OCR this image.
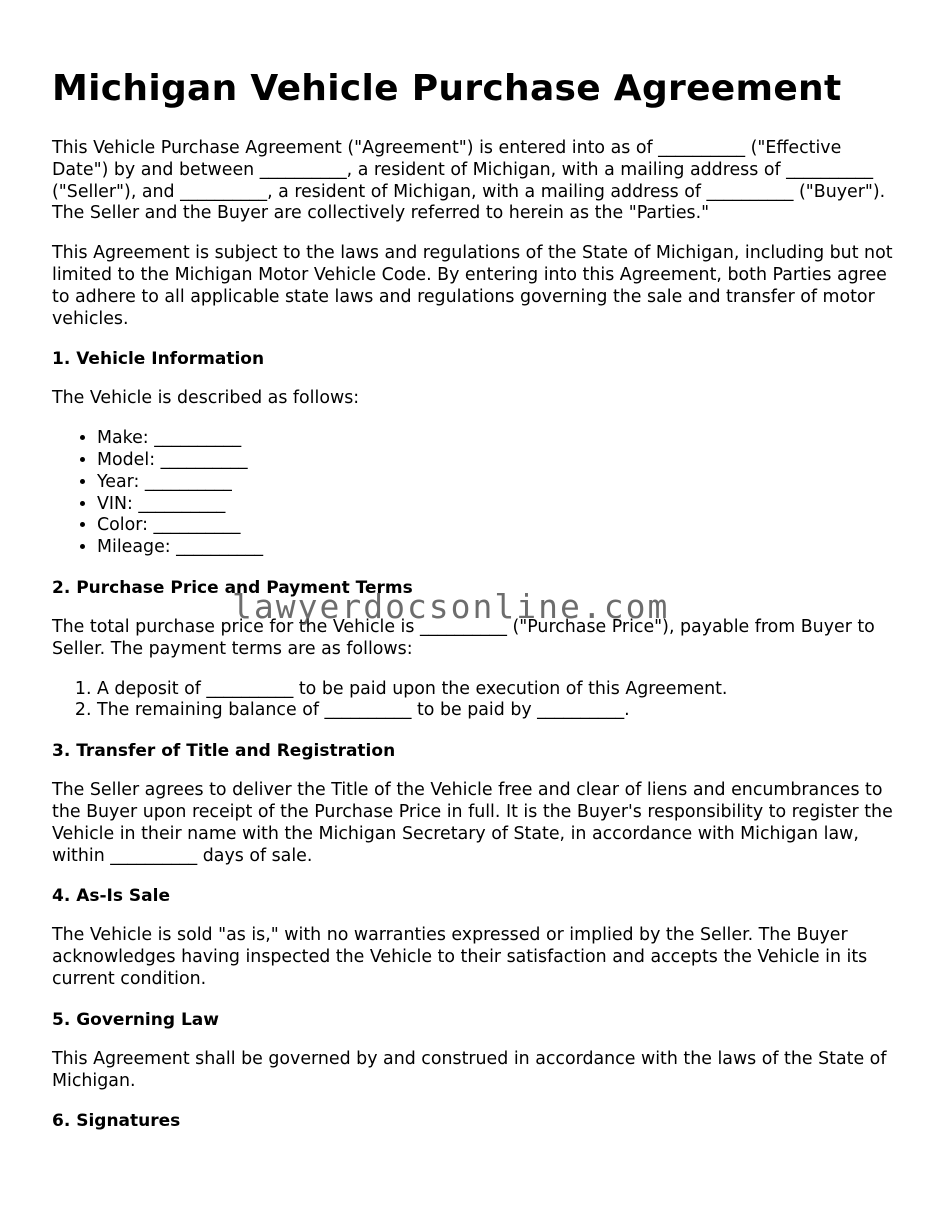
Michigan Vehicle Purchase Agreement

This Vehicle Purchase Agreement ("Agreement") is entered into as of __________ ("Effective Date") by and between __________, a resident of Michigan, with a mailing address of __________ ("Seller"), and __________, a resident of Michigan, with a mailing address of __________ ("Buyer"). The Seller and the Buyer are collectively referred to herein as the "Parties."

This Agreement is subject to the laws and regulations of the State of Michigan, including but not limited to the Michigan Motor Vehicle Code. By entering into this Agreement, both Parties agree to adhere to all applicable state laws and regulations governing the sale and transfer of motor vehicles.

1. Vehicle Information

The Vehicle is described as follows:

• Make: __________
• Model: __________
• Year: __________
• VIN: __________
• Color: __________
• Mileage: __________
2. Purchase Price and Payment Terms

The total purchase price for the Vehicle is __________ ("Purchase Price"), payable from Buyer to Seller. The payment terms are as follows:

1. A deposit of __________ to be paid upon the execution of this Agreement.
2. The remaining balance of __________ to be paid by __________.
3. Transfer of Title and Registration

The Seller agrees to deliver the Title of the Vehicle free and clear of liens and encumbrances to the Buyer upon receipt of the Purchase Price in full. It is the Buyer's responsibility to register the Vehicle in their name with the Michigan Secretary of State, in accordance with Michigan law, within __________ days of sale.

4. As-Is Sale

The Vehicle is sold "as is," with no warranties expressed or implied by the Seller. The Buyer acknowledges having inspected the Vehicle to their satisfaction and accepts the Vehicle in its current condition.

5. Governing Law

This Agreement shall be governed by and construed in accordance with the laws of the State of Michigan.

6. Signatures
lawyerdocsonline.com
